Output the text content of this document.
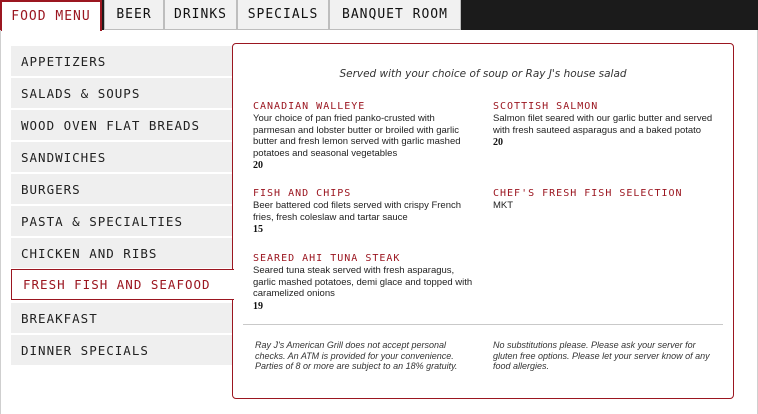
FOOD MENU	BEER	DRINKS	SPECIALS	BANQUET ROOM
APPETIZERS
SALADS & SOUPS
WOOD OVEN FLAT BREADS
SANDWICHES
BURGERS
PASTA & SPECIALTIES
CHICKEN AND RIBS
FRESH FISH AND SEAFOOD
BREAKFAST
DINNER SPECIALS
Served with your choice of soup or Ray J's house salad
CANADIAN WALLEYE
Your choice of pan fried panko-crusted with parmesan and lobster butter or broiled with garlic butter and fresh lemon served with garlic mashed potatoes and seasonal vegetables
20
SCOTTISH SALMON
Salmon filet seared with our garlic butter and served with fresh sauteed asparagus and a baked potato
20
FISH AND CHIPS
Beer battered cod filets served with crispy French fries, fresh coleslaw and tartar sauce
15
CHEF'S FRESH FISH SELECTION
MKT
SEARED AHI TUNA STEAK
Seared tuna steak served with fresh asparagus, garlic mashed potatoes, demi glace and topped with caramelized onions
19
Ray J's American Grill does not accept personal checks. An ATM is provided for your convenience. Parties of 8 or more are subject to an 18% gratuity.
No substitutions please. Please ask your server for gluten free options. Please let your server know of any food allergies.
